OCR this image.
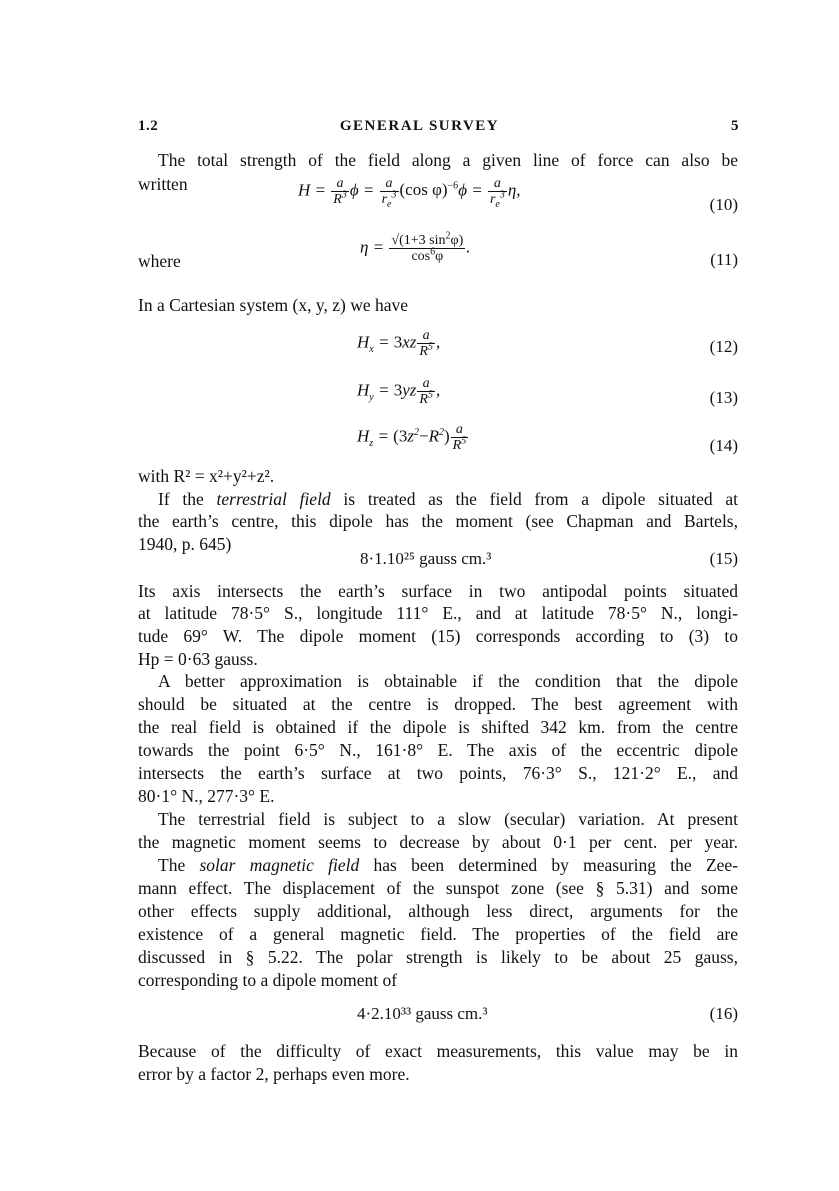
1.2	GENERAL SURVEY	5
The total strength of the field along a given line of force can also be
written	$H = \frac{a}{R^3}$ $\phi = \frac{a}{r_e^3} (\cos$ $\varphi)^{-6}\phi = \frac{a}{r_e^3} \eta$,
(10)
where
$\eta = \frac{√(1+3 \sin^2\varphi)}{\cos^6\varphi}$ .
(11)
In a Cartesian system (x, y, z) we have
$H_x = 3xz \frac{a}{R^5}$ ,	(12)
$H_y = 3yz \frac{a}{R^5}$ ,	(13)
$H_z = (3z^2-R^2) \frac{a}{R^5}$	(14)
with R² = x²+y²+z².
If the terrestrial field is treated as the field from a dipole situated at
the earth’s centre, this dipole has the moment (see Chapman and Bartels,
1940, p. 645)
8·1.10²⁵ gauss cm.³	(15)
Its axis intersects the earth’s surface in two antipodal points situated
at latitude 78·5° S., longitude 111° E., and at latitude 78·5° N., longi-
tude 69° W. The dipole moment (15) corresponds according to (3) to
Hp = 0·63 gauss.
A better approximation is obtainable if the condition that the dipole
should be situated at the centre is dropped. The best agreement with
the real field is obtained if the dipole is shifted 342 km. from the centre
towards the point 6·5° N., 161·8° E. The axis of the eccentric dipole
intersects the earth’s surface at two points, 76·3° S., 121·2° E., and
80·1° N., 277·3° E.
The terrestrial field is subject to a slow (secular) variation. At present
the magnetic moment seems to decrease by about 0·1 per cent. per year.
The solar magnetic field has been determined by measuring the Zee-
mann effect. The displacement of the sunspot zone (see § 5.31) and some
other effects supply additional, although less direct, arguments for the
existence of a general magnetic field. The properties of the field are
discussed in § 5.22. The polar strength is likely to be about 25 gauss,
corresponding to a dipole moment of
4·2.10³³ gauss cm.³	(16)
Because of the difficulty of exact measurements, this value may be in
error by a factor 2, perhaps even more.
